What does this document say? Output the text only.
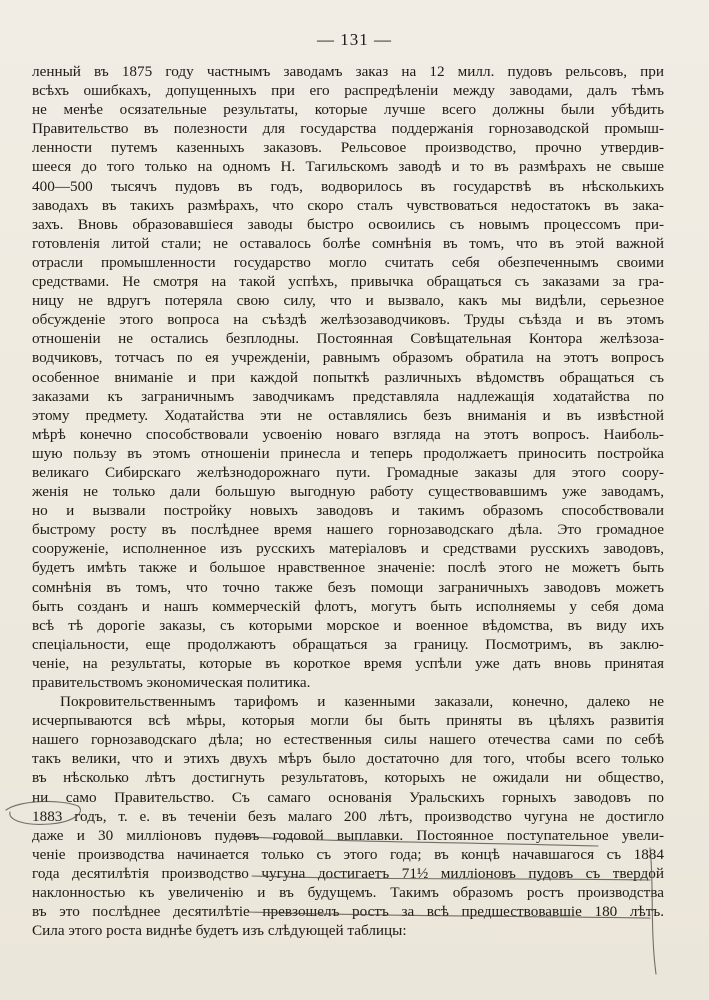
— 131 —
ленный въ 1875 году частнымъ заводамъ заказ на 12 милл. пудовъ рельсовъ, при
всѣхъ ошибкахъ, допущенныхъ при его распредѣленіи между заводами, далъ тѣмъ
не менѣе осязательные результаты, которые лучше всего должны были убѣдить
Правительство въ полезности для государства поддержанія горнозаводской промыш-
ленности путемъ казенныхъ заказовъ. Рельсовое производство, прочно утвердив-
шееся до того только на одномъ Н. Тагильскомъ заводѣ и то въ размѣрахъ не свыше
400—500 тысячъ пудовъ въ годъ, водворилось въ государствѣ въ нѣсколькихъ
заводахъ въ такихъ размѣрахъ, что скоро сталъ чувствоваться недостатокъ въ зака-
захъ. Вновь образовавшіеся заводы быстро освоились съ новымъ процессомъ при-
готовленія литой стали; не оставалось болѣе сомнѣнія въ томъ, что въ этой важной
отрасли промышленности государство могло считать себя обезпеченнымъ своими
средствами. Не смотря на такой успѣхъ, привычка обращаться съ заказами за гра-
ницу не вдругъ потеряла свою силу, что и вызвало, какъ мы видѣли, серьезное
обсужденіе этого вопроса на съѣздѣ желѣзозаводчиковъ. Труды съѣзда и въ этомъ
отношеніи не остались безплодны. Постоянная Совѣщательная Контора желѣзоза-
водчиковъ, тотчасъ по ея учрежденіи, равнымъ образомъ обратила на этотъ вопросъ
особенное вниманіе и при каждой попыткѣ различныхъ вѣдомствъ обращаться съ
заказами къ заграничнымъ заводчикамъ представляла надлежащія ходатайства по
этому предмету. Ходатайства эти не оставлялись безъ вниманія и въ извѣстной
мѣрѣ конечно способствовали усвоенію новаго взгляда на этотъ вопросъ. Наиболь-
шую пользу въ этомъ отношеніи принесла и теперь продолжаетъ приносить постройка
великаго Сибирскаго желѣзнодорожнаго пути. Громадные заказы для этого соору-
женія не только дали большую выгодную работу существовавшимъ уже заводамъ,
но и вызвали постройку новыхъ заводовъ и такимъ образомъ способствовали
быстрому росту въ послѣднее время нашего горнозаводскаго дѣла. Это громадное
сооруженіе, исполненное изъ русскихъ матеріаловъ и средствами русскихъ заводовъ,
будетъ имѣть также и большое нравственное значеніе: послѣ этого не можетъ быть
сомнѣнія въ томъ, что точно также безъ помощи заграничныхъ заводовъ можетъ
быть созданъ и нашъ коммерческій флотъ, могутъ быть исполняемы у себя дома
всѣ тѣ дорогіе заказы, съ которыми морское и военное вѣдомства, въ виду ихъ
спеціальности, еще продолжаютъ обращаться за границу. Посмотримъ, въ заклю-
ченіе, на результаты, которые въ короткое время успѣли уже дать вновь принятая
правительствомъ экономическая политика.
Покровительственнымъ тарифомъ и казенными заказали, конечно, далеко не
исчерпываются всѣ мѣры, которыя могли бы быть приняты въ цѣляхъ развитія
нашего горнозаводскаго дѣла; но естественныя силы нашего отечества сами по себѣ
такъ велики, что и этихъ двухъ мѣръ было достаточно для того, чтобы всего только
въ нѣсколько лѣтъ достигнуть результатовъ, которыхъ не ожидали ни общество,
ни само Правительство. Съ самаго основанія Уральскихъ горныхъ заводовъ по
1883 годъ, т. е. въ теченіи безъ малаго 200 лѣтъ, производство чугуна не достигло
даже и 30 милліоновъ пудовъ годовой выплавки. Постоянное поступательное увели-
ченіе производства начинается только съ этого года; въ концѣ начавшагося съ 1884
года десятилѣтія производство чугуна достигаетъ 71½ милліоновъ пудовъ съ твердой
наклонностью къ увеличенію и въ будущемъ. Такимъ образомъ ростъ производства
въ это послѣднее десятилѣтіе превзошелъ ростъ за всѣ предшествовавшіе 180 лѣтъ.
Сила этого роста виднѣе будетъ изъ слѣдующей таблицы:
